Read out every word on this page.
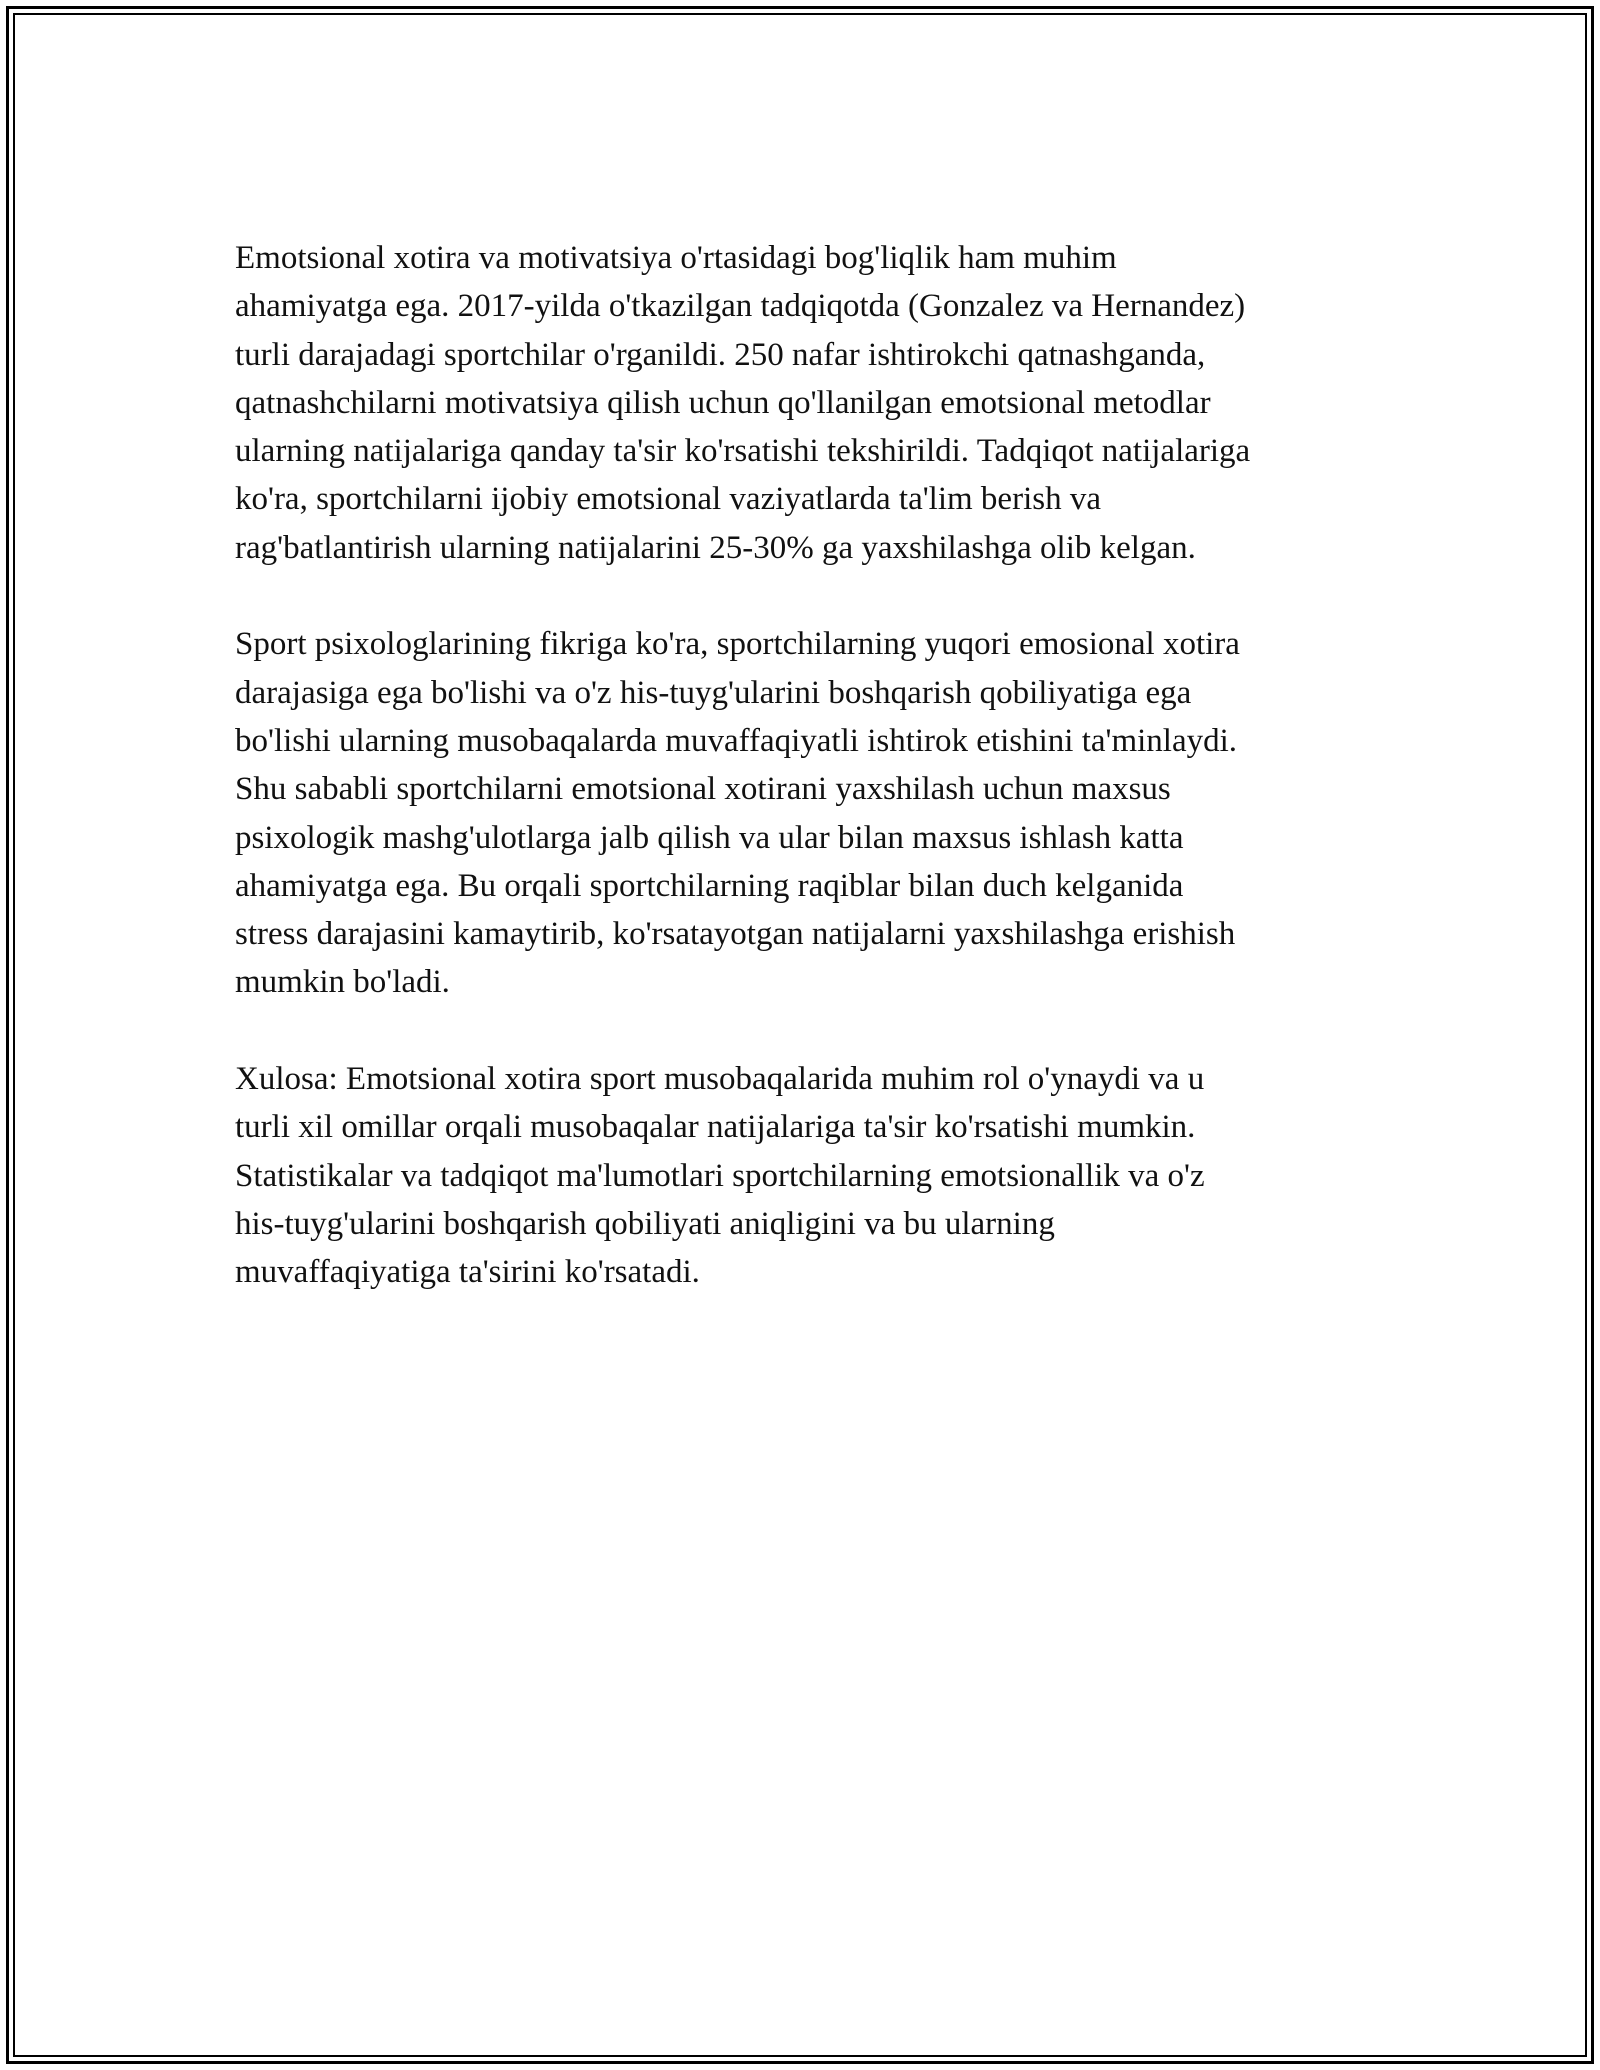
Emotsional xotira va motivatsiya o'rtasidagi bog'liqlik ham muhim
ahamiyatga ega. 2017-yilda o'tkazilgan tadqiqotda (Gonzalez va Hernandez)
turli darajadagi sportchilar o'rganildi. 250 nafar ishtirokchi qatnashganda,
qatnashchilarni motivatsiya qilish uchun qo'llanilgan emotsional metodlar
ularning natijalariga qanday ta'sir ko'rsatishi tekshirildi. Tadqiqot natijalariga
ko'ra, sportchilarni ijobiy emotsional vaziyatlarda ta'lim berish va
rag'batlantirish ularning natijalarini 25-30% ga yaxshilashga olib kelgan.

Sport psixologlarining fikriga ko'ra, sportchilarning yuqori emosional xotira
darajasiga ega bo'lishi va o'z his-tuyg'ularini boshqarish qobiliyatiga ega
bo'lishi ularning musobaqalarda muvaffaqiyatli ishtirok etishini ta'minlaydi.
Shu sababli sportchilarni emotsional xotirani yaxshilash uchun maxsus
psixologik mashg'ulotlarga jalb qilish va ular bilan maxsus ishlash katta
ahamiyatga ega. Bu orqali sportchilarning raqiblar bilan duch kelganida
stress darajasini kamaytirib, ko'rsatayotgan natijalarni yaxshilashga erishish
mumkin bo'ladi.

Xulosa: Emotsional xotira sport musobaqalarida muhim rol o'ynaydi va u
turli xil omillar orqali musobaqalar natijalariga ta'sir ko'rsatishi mumkin.
Statistikalar va tadqiqot ma'lumotlari sportchilarning emotsionallik va o'z
his-tuyg'ularini boshqarish qobiliyati aniqligini va bu ularning
muvaffaqiyatiga ta'sirini ko'rsatadi.
